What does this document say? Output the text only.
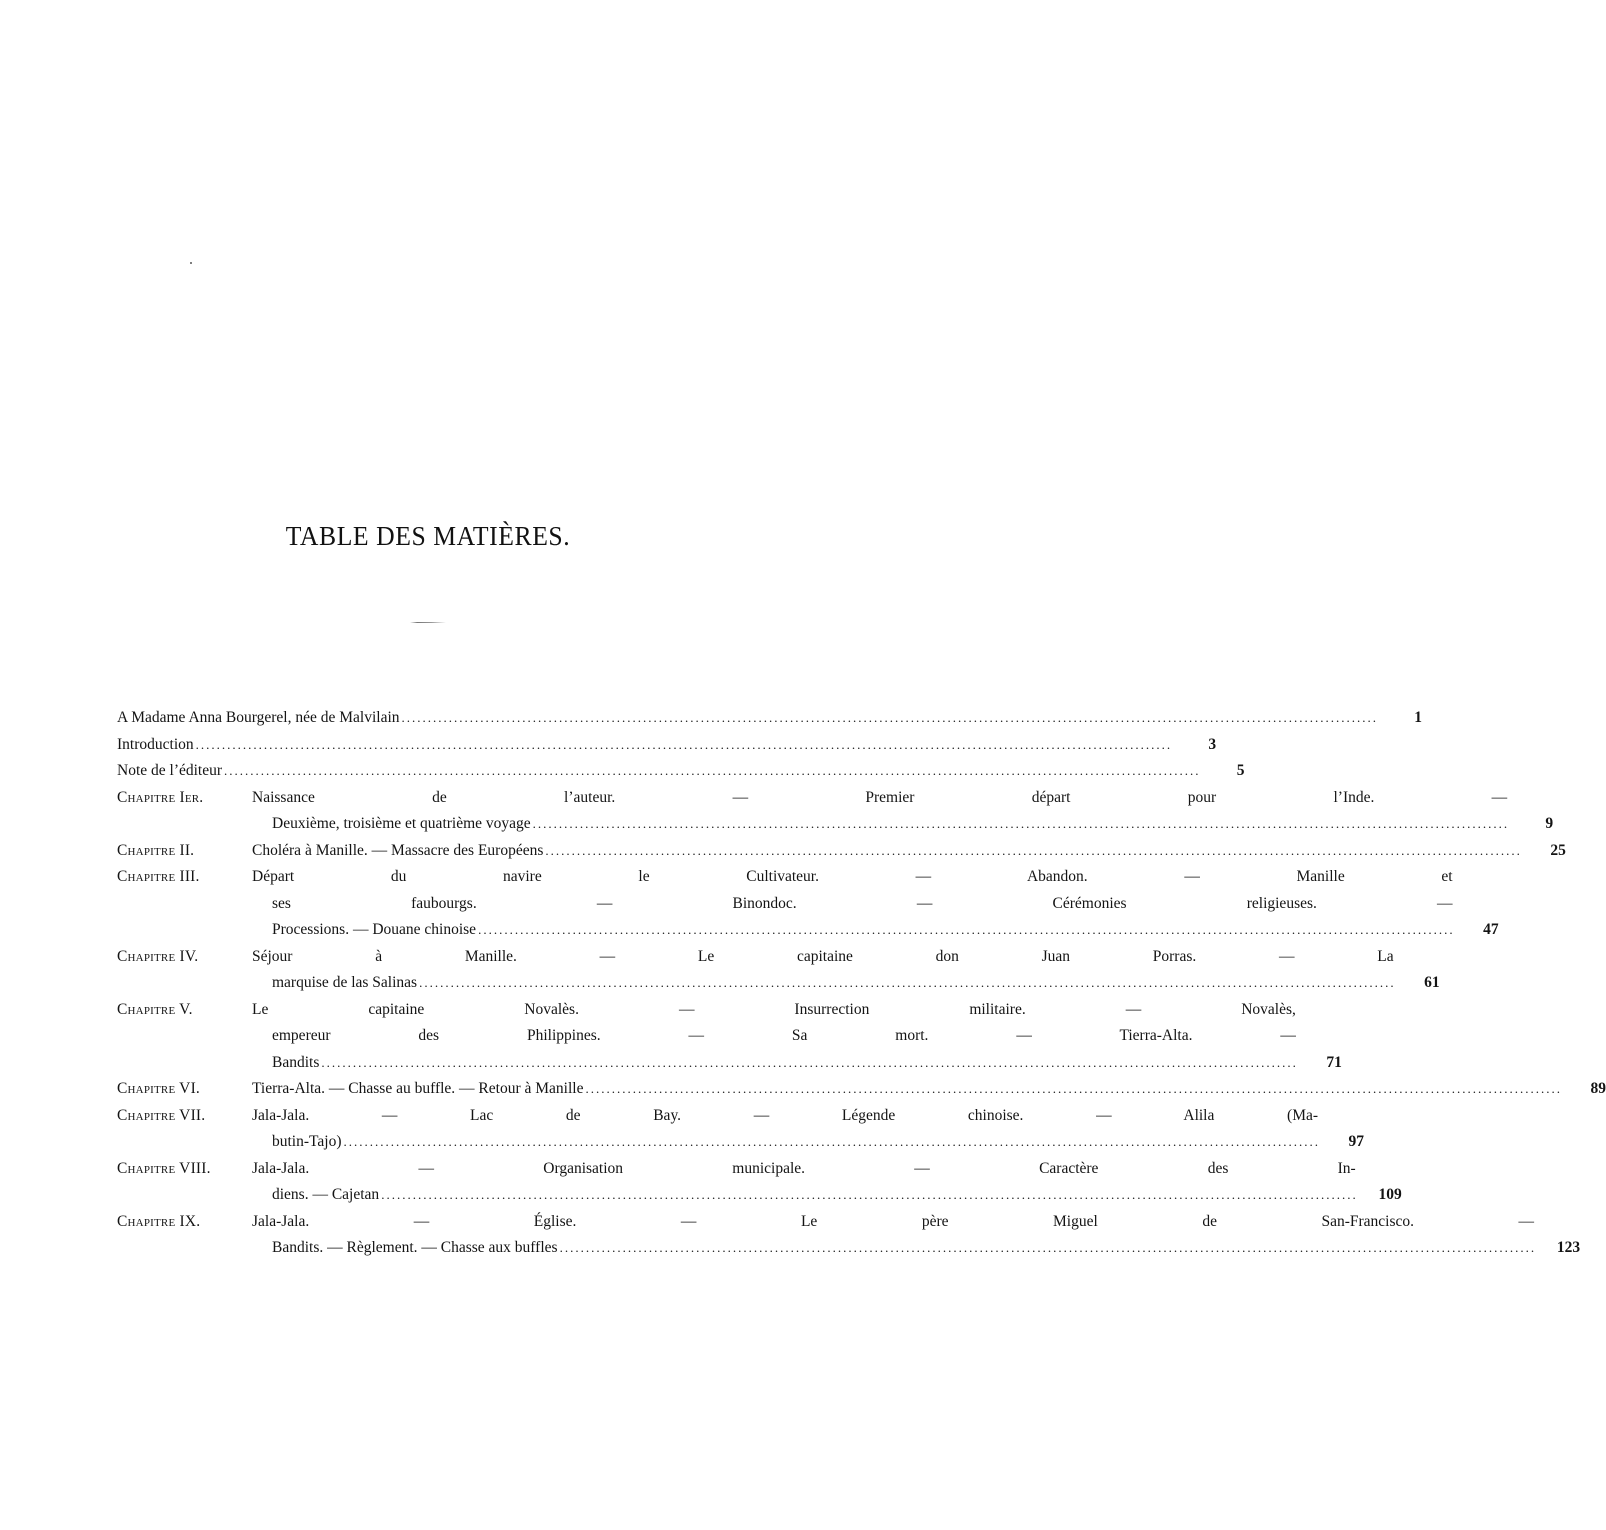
TABLE DES MATIÈRES.
A Madame Anna Bourgerel, née de Malvilain .....	1
Introduction .....	3
Note de l’éditeur .....	5
Chapitre Ier.	Naissance de l’auteur. — Premier départ pour l’Inde. —
Deuxième, troisième et quatrième voyage .....	9
Chapitre II.	Choléra à Manille. — Massacre des Européens .....	25
Chapitre III.	Départ du navire le Cultivateur. — Abandon. — Manille et
ses faubourgs. — Binondoc. — Cérémonies religieuses. —
Processions. — Douane chinoise .....	47
Chapitre IV.	Séjour à Manille. — Le capitaine don Juan Porras. — La
marquise de las Salinas .....	61
Chapitre V.	Le capitaine Novalès. — Insurrection militaire. — Novalès,
empereur des Philippines. — Sa mort. — Tierra-Alta. —
Bandits .....	71
Chapitre VI.	Tierra-Alta. — Chasse au buffle. — Retour à Manille .....	89
Chapitre VII.	Jala-Jala. — Lac de Bay. — Légende chinoise. — Alila (Ma-
butin-Tajo) .....	97
Chapitre VIII.	Jala-Jala. — Organisation municipale. — Caractère des In-
diens. — Cajetan .....	109
Chapitre IX.	Jala-Jala. — Église. — Le père Miguel de San-Francisco. —
Bandits. — Règlement. — Chasse aux buffles .....	123
